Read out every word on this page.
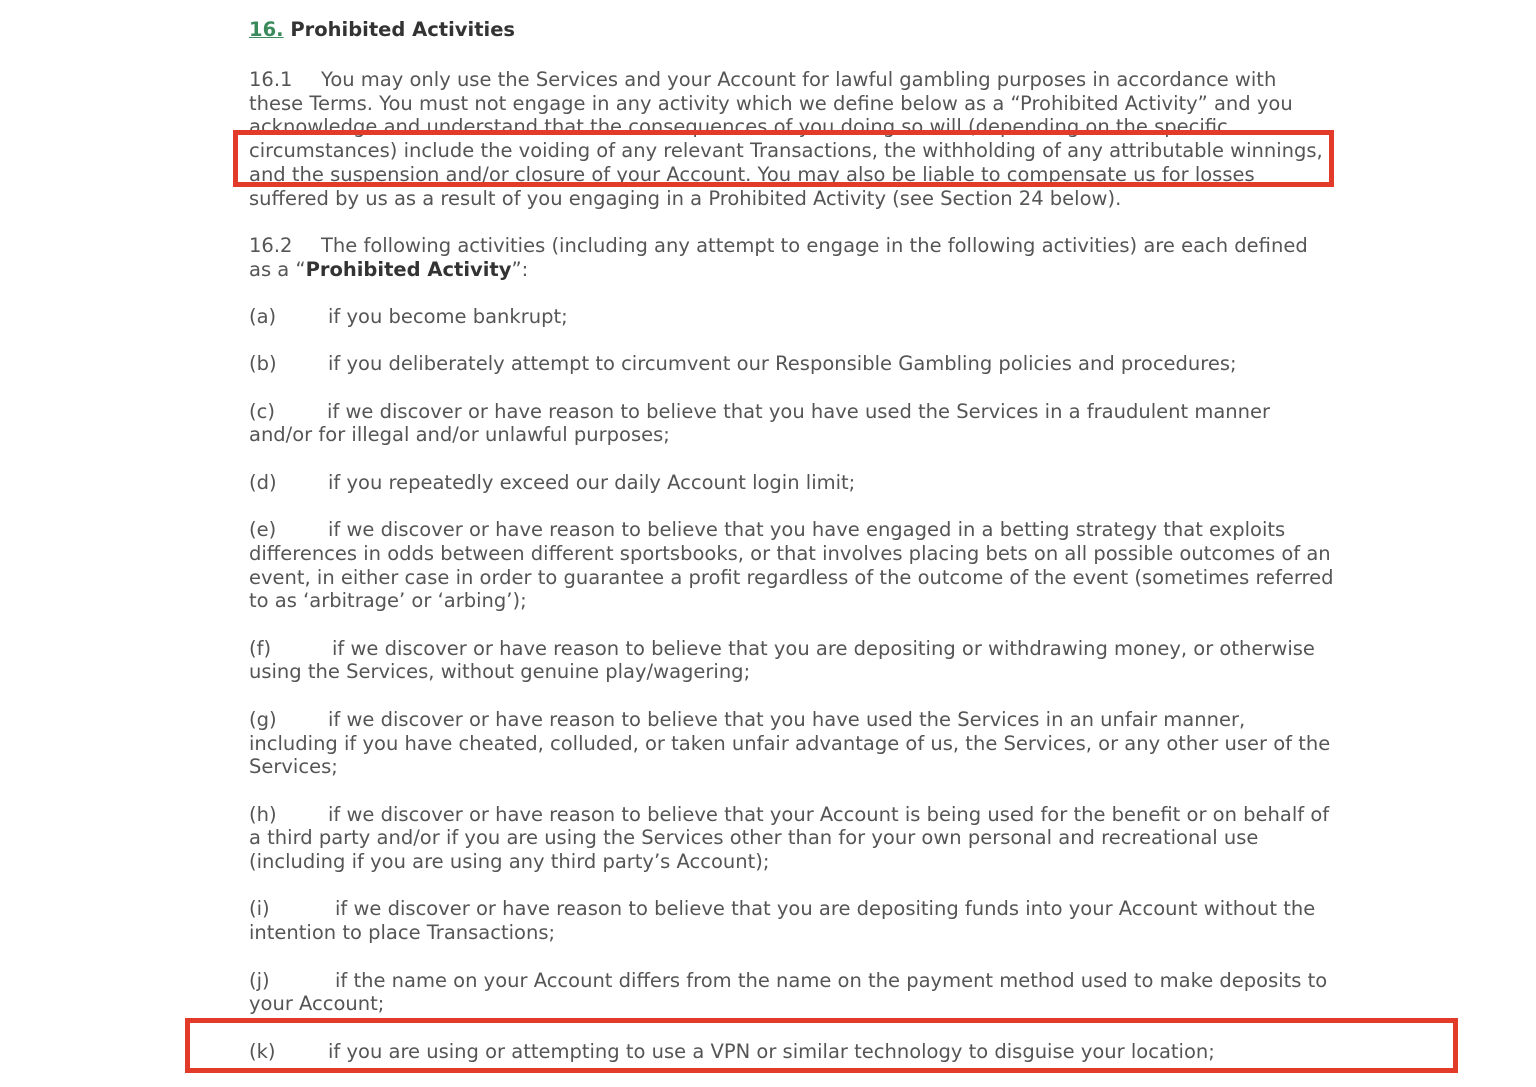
16. Prohibited Activities

16.1 You may only use the Services and your Account for lawful gambling purposes in accordance with these Terms. You must not engage in any activity which we define below as a “Prohibited Activity” and you acknowledge and understand that the consequences of you doing so will (depending on the specific circumstances) include the voiding of any relevant Transactions, the withholding of any attributable winnings, and the suspension and/or closure of your Account. You may also be liable to compensate us for losses suffered by us as a result of you engaging in a Prohibited Activity (see Section 24 below).

16.2 The following activities (including any attempt to engage in the following activities) are each defined as a “Prohibited Activity”:

(a)	if you become bankrupt;

(b)	if you deliberately attempt to circumvent our Responsible Gambling policies and procedures;

(c)	if we discover or have reason to believe that you have used the Services in a fraudulent manner and/or for illegal and/or unlawful purposes;

(d)	if you repeatedly exceed our daily Account login limit;

(e)	if we discover or have reason to believe that you have engaged in a betting strategy that exploits differences in odds between different sportsbooks, or that involves placing bets on all possible outcomes of an event, in either case in order to guarantee a profit regardless of the outcome of the event (sometimes referred to as ‘arbitrage’ or ‘arbing’);

(f)	if we discover or have reason to believe that you are depositing or withdrawing money, or otherwise using the Services, without genuine play/wagering;

(g)	if we discover or have reason to believe that you have used the Services in an unfair manner, including if you have cheated, colluded, or taken unfair advantage of us, the Services, or any other user of the Services;

(h)	if we discover or have reason to believe that your Account is being used for the benefit or on behalf of a third party and/or if you are using the Services other than for your own personal and recreational use (including if you are using any third party’s Account);

(i)	if we discover or have reason to believe that you are depositing funds into your Account without the intention to place Transactions;

(j)	if the name on your Account differs from the name on the payment method used to make deposits to your Account;

(k)	if you are using or attempting to use a VPN or similar technology to disguise your location;
